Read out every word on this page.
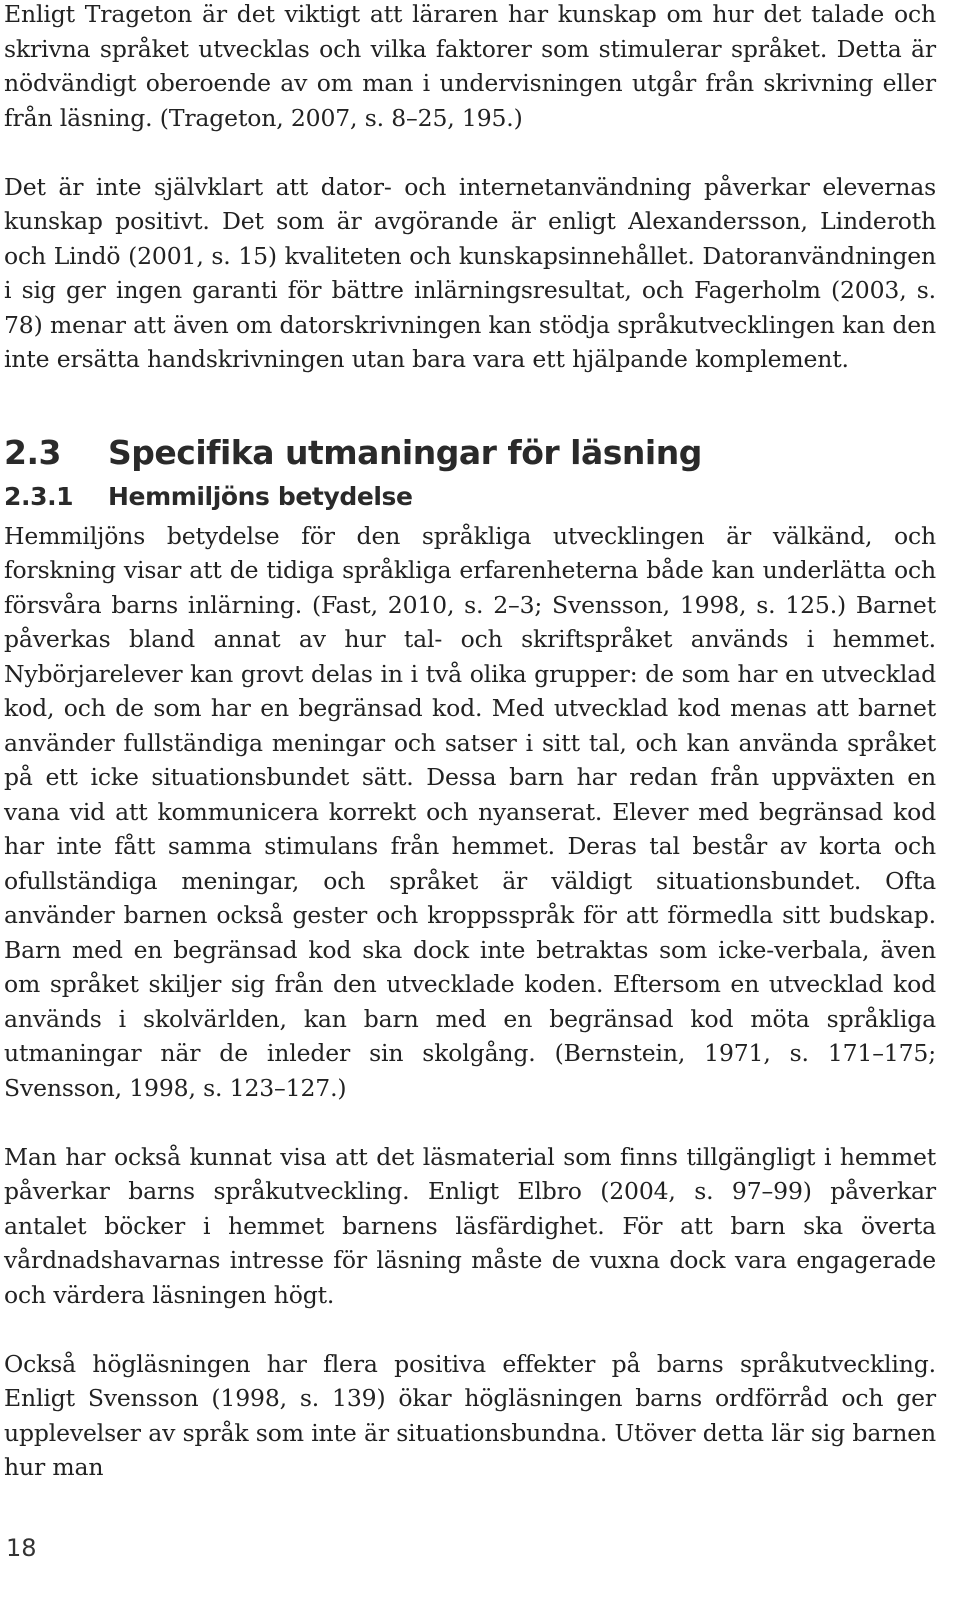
Enligt Trageton är det viktigt att läraren har kunskap om hur det talade och skrivna språket utvecklas och vilka faktorer som stimulerar språket. Detta är nödvändigt oberoende av om man i undervisningen utgår från skrivning eller från läsning. (Trageton, 2007, s. 8–25, 195.)

Det är inte självklart att dator- och internetanvändning påverkar elevernas kunskap positivt. Det som är avgörande är enligt Alexandersson, Linderoth och Lindö (2001, s. 15) kvaliteten och kunskapsinnehållet. Datoranvändningen i sig ger ingen garanti för bättre inlärningsresultat, och Fagerholm (2003, s. 78) menar att även om datorskrivningen kan stödja språkutvecklingen kan den inte ersätta handskrivningen utan bara vara ett hjälpande komplement.

2.3	Specifika utmaningar för läsning
2.3.1	Hemmiljöns betydelse

Hemmiljöns betydelse för den språkliga utvecklingen är välkänd, och forskning visar att de tidiga språkliga erfarenheterna både kan underlätta och försvåra barns inlärning. (Fast, 2010, s. 2–3; Svensson, 1998, s. 125.) Barnet påverkas bland annat av hur tal- och skriftspråket används i hemmet. Nybörjarelever kan grovt delas in i två olika grupper: de som har en utvecklad kod, och de som har en begränsad kod. Med utvecklad kod menas att barnet använder fullständiga meningar och satser i sitt tal, och kan använda språket på ett icke situationsbundet sätt. Dessa barn har redan från uppväxten en vana vid att kommunicera korrekt och nyanserat. Elever med begränsad kod har inte fått samma stimulans från hemmet. Deras tal består av korta och ofullständiga meningar, och språket är väldigt situationsbundet. Ofta använder barnen också gester och kroppsspråk för att förmedla sitt budskap. Barn med en begränsad kod ska dock inte betraktas som icke-verbala, även om språket skiljer sig från den utvecklade koden. Eftersom en utvecklad kod används i skolvärlden, kan barn med en begränsad kod möta språkliga utmaningar när de inleder sin skolgång. (Bernstein, 1971, s. 171–175; Svensson, 1998, s. 123–127.)

Man har också kunnat visa att det läsmaterial som finns tillgängligt i hemmet påverkar barns språkutveckling. Enligt Elbro (2004, s. 97–99) påverkar antalet böcker i hemmet barnens läsfärdighet. För att barn ska överta vårdnadshavarnas intresse för läsning måste de vuxna dock vara engagerade och värdera läsningen högt.

Också högläsningen har flera positiva effekter på barns språkutveckling. Enligt Svensson (1998, s. 139) ökar högläsningen barns ordförråd och ger upplevelser av språk som inte är situationsbundna. Utöver detta lär sig barnen hur man

18
